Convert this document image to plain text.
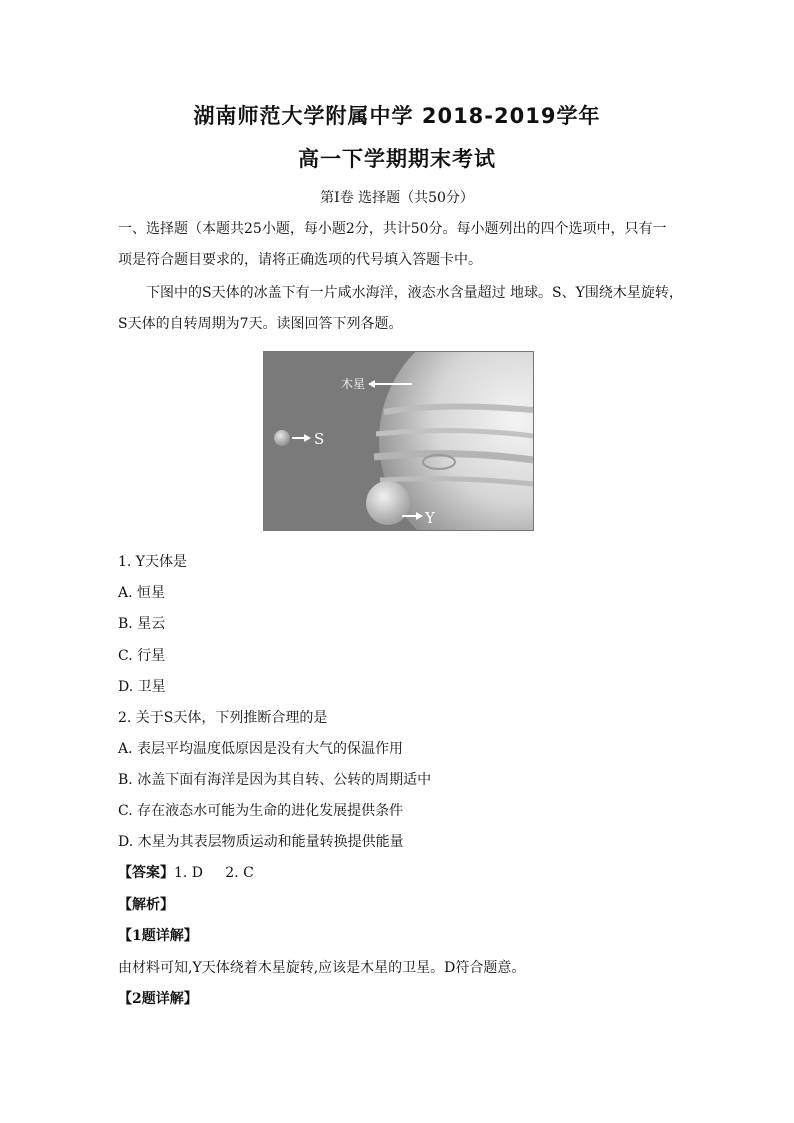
湖南师范大学附属中学 2018-2019学年
高一下学期期末考试
第Ⅰ卷 选择题（共50分）
一、选择题（本题共25小题，每小题2分，共计50分。每小题列出的四个选项中，只有一
项是符合题目要求的，请将正确选项的代号填入答题卡中。
下图中的S天体的冰盖下有一片咸水海洋，液态水含量超过 地球。S、Y围绕木星旋转，
S天体的自转周期为7天。读图回答下列各题。
S
Y
木星
1. Y天体是
A. 恒星
B. 星云
C. 行星
D. 卫星
2. 关于S天体，下列推断合理的是
A. 表层平均温度低原因是没有大气的保温作用
B. 冰盖下面有海洋是因为其自转、公转的周期适中
C. 存在液态水可能为生命的进化发展提供条件
D. 木星为其表层物质运动和能量转换提供能量
【答案】1. D     2. C
【解析】
【1题详解】
由材料可知,Y天体绕着木星旋转,应该是木星的卫星。D符合题意。
【2题详解】
